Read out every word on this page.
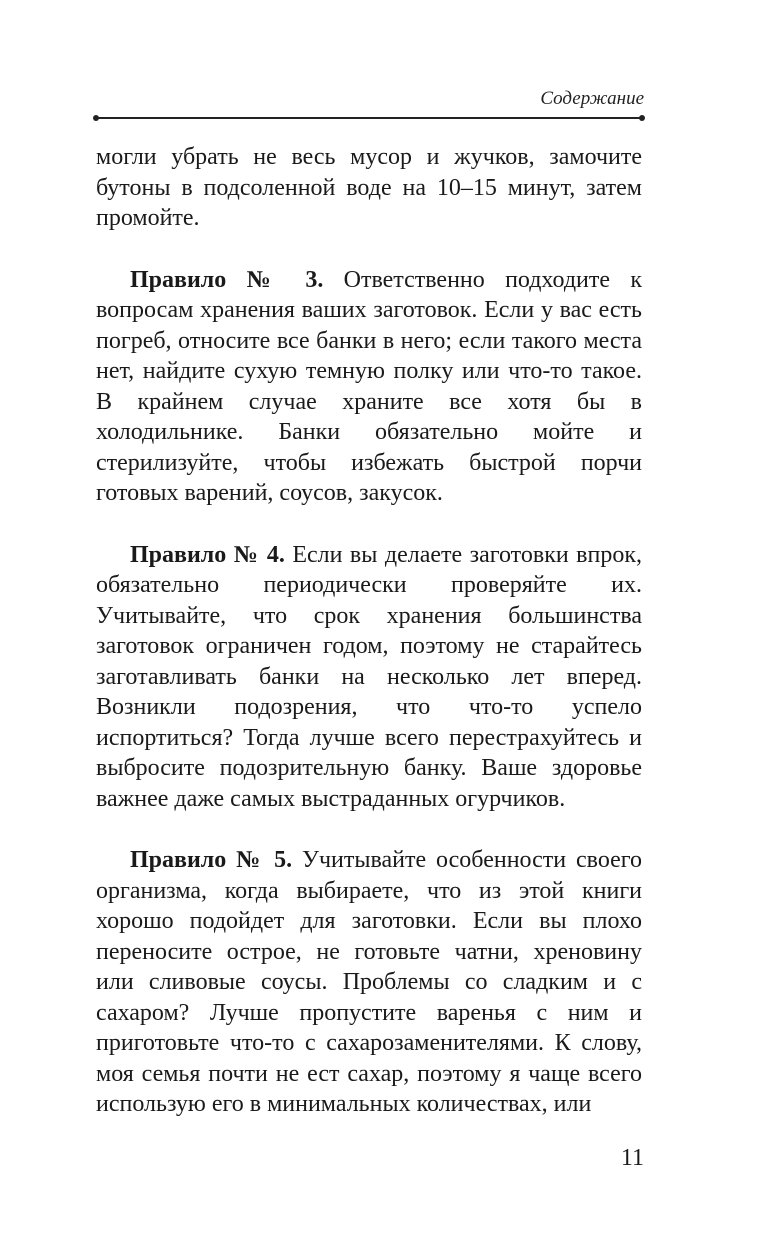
Содержание

могли убрать не весь мусор и жучков, замочите бутоны в подсоленной воде на 10–15 минут, затем промойте.

Правило № 3. Ответственно подходите к вопросам хранения ваших заготовок. Если у вас есть погреб, относите все банки в него; если такого места нет, найдите сухую темную полку или что-то такое. В крайнем случае храните все хотя бы в холодильнике. Банки обязательно мойте и стерилизуйте, чтобы избежать быстрой порчи готовых варений, соусов, закусок.

Правило № 4. Если вы делаете заготовки впрок, обязательно периодически проверяйте их. Учитывайте, что срок хранения большинства заготовок ограничен годом, поэтому не старайтесь заготавливать банки на несколько лет вперед. Возникли подозрения, что что-то успело испортиться? Тогда лучше всего перестрахуйтесь и выбросите подозрительную банку. Ваше здоровье важнее даже самых выстраданных огурчиков.

Правило № 5. Учитывайте особенности своего организма, когда выбираете, что из этой книги хорошо подойдет для заготовки. Если вы плохо переносите острое, не готовьте чатни, хреновину или сливовые соусы. Проблемы со сладким и с сахаром? Лучше пропустите варенья с ним и приготовьте что-то с сахарозаменителями. К слову, моя семья почти не ест сахар, поэтому я чаще всего использую его в минимальных количествах, или

11
